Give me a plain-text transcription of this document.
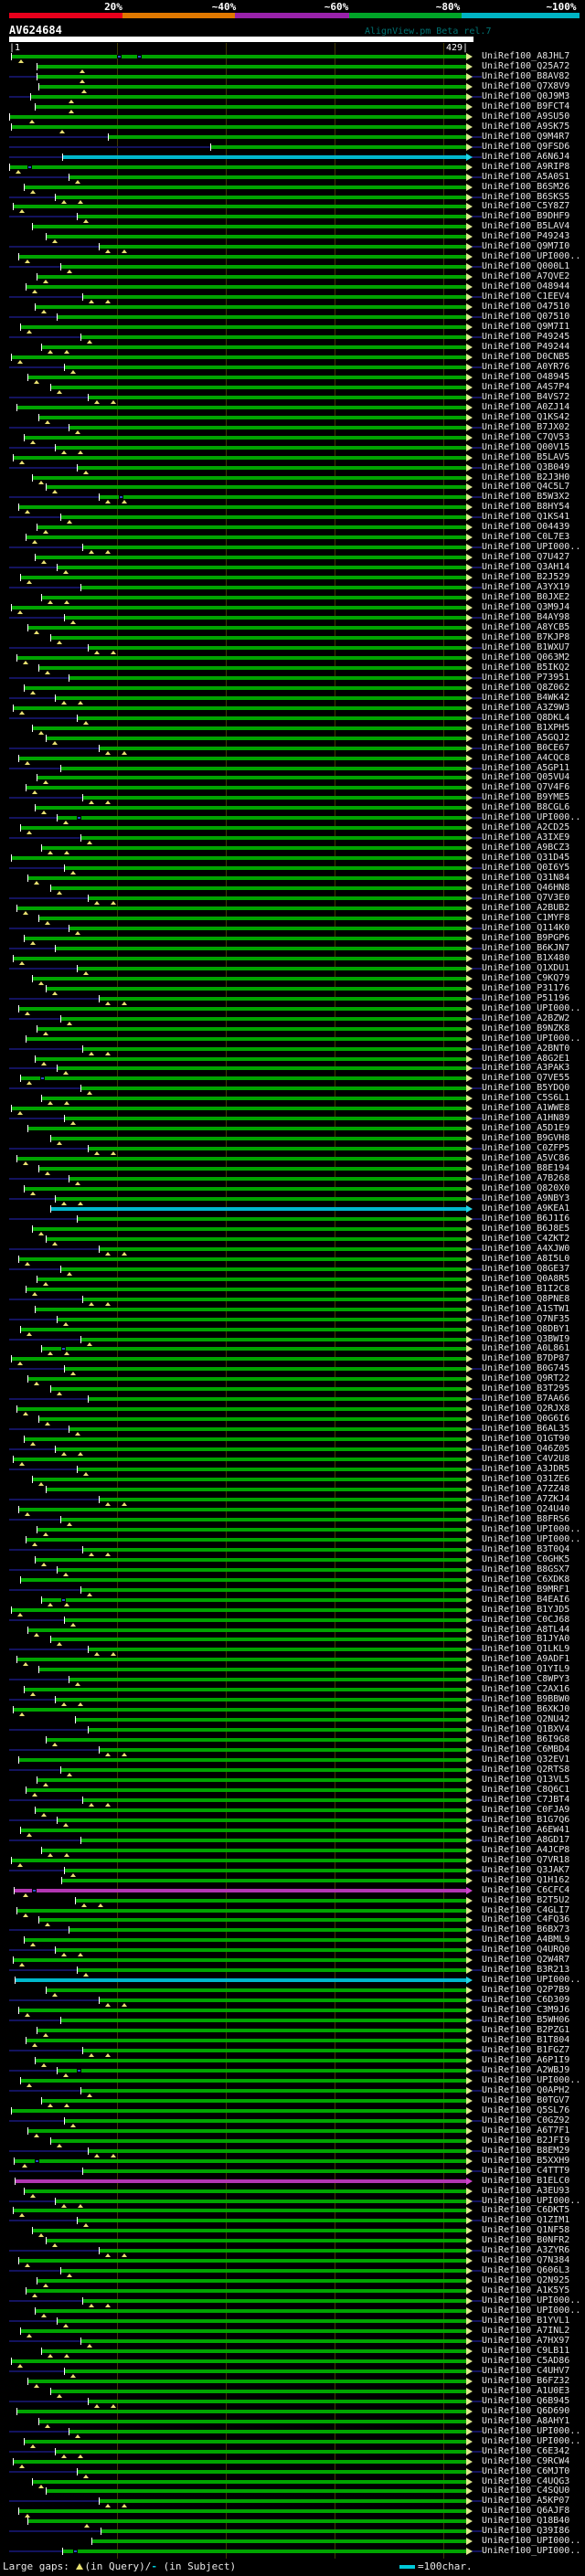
20%	~40%	~60%	~80%	~100%
AV624684	AlignView.pm Beta rel.7
|1	429|
UniRef100_A8JHL7
UniRef100_Q25A72
UniRef100_B8AV82
UniRef100_Q7X8V9
UniRef100_Q0J9M3
UniRef100_B9FCT4
UniRef100_A9SU50
UniRef100_A9SK75
UniRef100_Q9M4R7
UniRef100_Q9FSD6
UniRef100_A6N6J4
UniRef100_A9RIP8
UniRef100_A5A0S1
UniRef100_B6SM26
UniRef100_B6SKS5
UniRef100_C5Y8Z7
UniRef100_B9DHF9
UniRef100_B5LAV4
UniRef100_P49243
UniRef100_Q9M7I0
UniRef100_UPI000..
UniRef100_Q000L1
UniRef100_A7QVE2
UniRef100_O48944
UniRef100_C1EEV4
UniRef100_O47510
UniRef100_Q07510
UniRef100_Q9M7I1
UniRef100_P49245
UniRef100_P49244
UniRef100_D0CNB5
UniRef100_A0YR76
UniRef100_O48945
UniRef100_A4S7P4
UniRef100_B4VS72
UniRef100_A0ZJ14
UniRef100_Q1KS42
UniRef100_B7JX02
UniRef100_C7QV53
UniRef100_Q00V15
UniRef100_B5LAV5
UniRef100_Q3B049
UniRef100_B2J3H0
UniRef100_Q4C5L7
UniRef100_B5W3X2
UniRef100_B8HY54
UniRef100_Q1KS41
UniRef100_O04439
UniRef100_C0L7E3
UniRef100_UPI000..
UniRef100_Q7U427
UniRef100_Q3AH14
UniRef100_B2J529
UniRef100_A3YX19
UniRef100_B0JXE2
UniRef100_Q3M9J4
UniRef100_B4AY98
UniRef100_A8YCB5
UniRef100_B7KJP8
UniRef100_B1WXU7
UniRef100_Q063M2
UniRef100_B5IKQ2
UniRef100_P73951
UniRef100_Q8Z062
UniRef100_B4WK42
UniRef100_A3Z9W3
UniRef100_Q8DKL4
UniRef100_B1XPH5
UniRef100_A5GQJ2
UniRef100_B0CE67
UniRef100_A4CQC8
UniRef100_A5GP11
UniRef100_Q05VU4
UniRef100_Q7V4F6
UniRef100_B9YME5
UniRef100_B8CGL6
UniRef100_UPI000..
UniRef100_A2CD25
UniRef100_A3IXE9
UniRef100_A9BCZ3
UniRef100_Q31D45
UniRef100_Q0I6Y5
UniRef100_Q31N84
UniRef100_Q46HN8
UniRef100_Q7V3E0
UniRef100_A2BUB2
UniRef100_C1MYF8
UniRef100_Q114K0
UniRef100_B9PGP6
UniRef100_B6KJN7
UniRef100_B1X480
UniRef100_Q1XDU1
UniRef100_C9KQ79
UniRef100_P31176
UniRef100_P51196
UniRef100_UPI000..
UniRef100_A2BZW2
UniRef100_B9NZK8
UniRef100_UPI000..
UniRef100_A2BNT0
UniRef100_A8G2E1
UniRef100_A3PAK3
UniRef100_Q7VE55
UniRef100_B5YDQ0
UniRef100_C5S6L1
UniRef100_A1WWE8
UniRef100_A1HN89
UniRef100_A5D1E9
UniRef100_B9GVH8
UniRef100_C0ZFP5
UniRef100_A5VC86
UniRef100_B8E194
UniRef100_A7B268
UniRef100_Q820X0
UniRef100_A9NBY3
UniRef100_A9KEA1
UniRef100_B6J1I6
UniRef100_B6J8E5
UniRef100_C4ZKT2
UniRef100_A4XJW0
UniRef100_A8I5L0
UniRef100_Q8GE37
UniRef100_Q0A8R5
UniRef100_B1I2C8
UniRef100_Q8PNE8
UniRef100_A1STW1
UniRef100_Q7NF35
UniRef100_Q8DBY1
UniRef100_Q3BWI9
UniRef100_A0L861
UniRef100_B7DP87
UniRef100_B0G745
UniRef100_Q9RT22
UniRef100_B3T295
UniRef100_B7AA66
UniRef100_Q2RJX8
UniRef100_Q0G6I6
UniRef100_B6AL35
UniRef100_Q1GT90
UniRef100_Q46Z05
UniRef100_C4V2U8
UniRef100_A3JDR5
UniRef100_Q31ZE6
UniRef100_A7ZZ48
UniRef100_A7ZKJ4
UniRef100_Q24U40
UniRef100_B8FRS6
UniRef100_UPI000..
UniRef100_UPI000..
UniRef100_B3T0Q4
UniRef100_C0GHK5
UniRef100_B8GSX7
UniRef100_C6XDK8
UniRef100_B9MRF1
UniRef100_B4EAI6
UniRef100_B1YJD5
UniRef100_C0CJ68
UniRef100_A8TL44
UniRef100_B1JYA0
UniRef100_Q1LKL9
UniRef100_A9ADF1
UniRef100_Q1YIL9
UniRef100_C8WPY3
UniRef100_C2AX16
UniRef100_B9BBW0
UniRef100_B6XKJ0
UniRef100_Q2NU42
UniRef100_Q1BXV4
UniRef100_B6I9G8
UniRef100_C6MBD4
UniRef100_Q32EV1
UniRef100_Q2RTS8
UniRef100_Q13VL5
UniRef100_C8Q6C1
UniRef100_C7JBT4
UniRef100_C0FJA9
UniRef100_B1G7Q6
UniRef100_A6EW41
UniRef100_A8GD17
UniRef100_A4JCP8
UniRef100_Q7VR18
UniRef100_Q3JAK7
UniRef100_Q1H162
UniRef100_C6CFC4
UniRef100_B2T5U2
UniRef100_C4GLI7
UniRef100_C4FQ36
UniRef100_B6BX73
UniRef100_A4BML9
UniRef100_Q4URQ0
UniRef100_Q2W4R7
UniRef100_B3R213
UniRef100_UPI000..
UniRef100_Q2P7B9
UniRef100_C6D309
UniRef100_C3M9J6
UniRef100_B5WH06
UniRef100_B2PZG1
UniRef100_B1T804
UniRef100_B1FGZ7
UniRef100_A6P1I9
UniRef100_A2WBJ9
UniRef100_UPI000..
UniRef100_Q0APH2
UniRef100_B0TGV7
UniRef100_Q5SL76
UniRef100_C0GZ92
UniRef100_A6T7F1
UniRef100_B2JFI9
UniRef100_B8EM29
UniRef100_B5XXH9
UniRef100_C4TTT9
UniRef100_B1ELC0
UniRef100_A3EU93
UniRef100_UPI000..
UniRef100_C6DKT5
UniRef100_Q1ZIM1
UniRef100_Q1NF58
UniRef100_B0NFR2
UniRef100_A3ZYR6
UniRef100_Q7N384
UniRef100_Q606L3
UniRef100_Q2N925
UniRef100_A1K5Y5
UniRef100_UPI000..
UniRef100_UPI000..
UniRef100_B1YVL1
UniRef100_A7INL2
UniRef100_A7HX97
UniRef100_C9LB11
UniRef100_C5AD86
UniRef100_C4UHV7
UniRef100_B6FZ32
UniRef100_A1U0E3
UniRef100_Q6B945
UniRef100_Q6D690
UniRef100_A8AHY1
UniRef100_UPI000..
UniRef100_UPI000..
UniRef100_C6E342
UniRef100_C9RCW4
UniRef100_C6MJT0
UniRef100_C4UQG3
UniRef100_C4SQU0
UniRef100_A5KP07
UniRef100_Q6AJF8
UniRef100_Q18B40
UniRef100_Q39I86
UniRef100_UPI000..
UniRef100_UPI000..
Large gaps: (in Query)/- (in Subject)	=100char.
